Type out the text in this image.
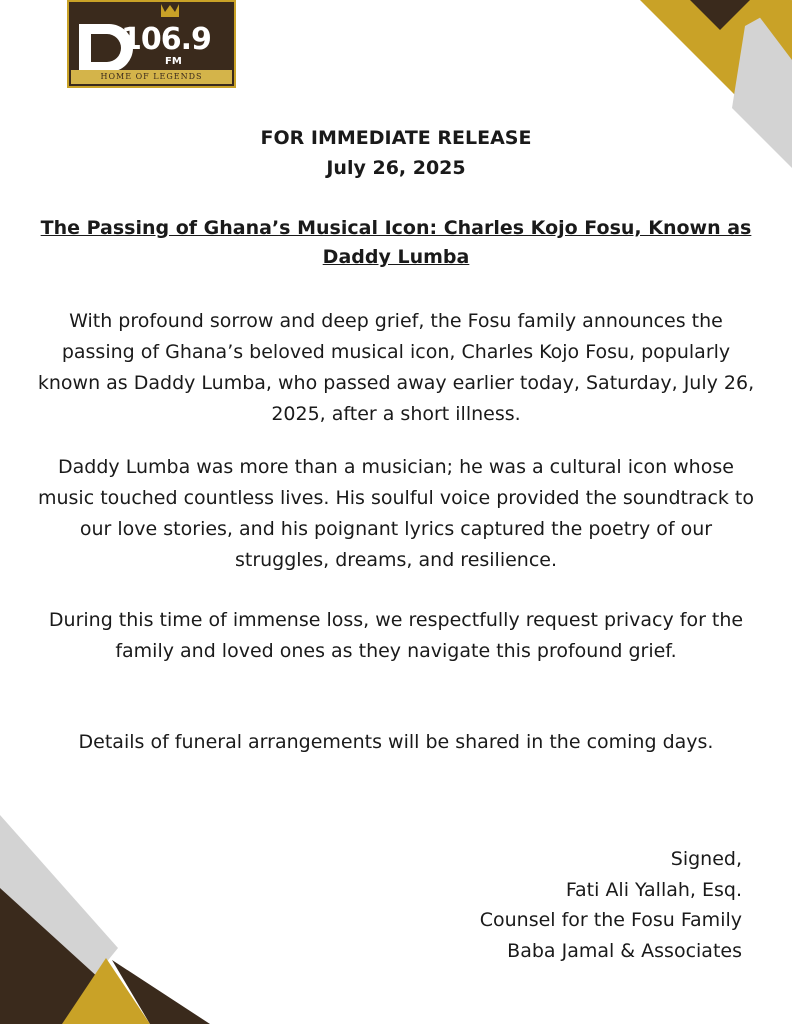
106.9
FM
HOME OF LEGENDS
FOR IMMEDIATE RELEASE
July 26, 2025
The Passing of Ghana’s Musical Icon: Charles Kojo Fosu, Known as Daddy Lumba

With profound sorrow and deep grief, the Fosu family announces the passing of Ghana’s beloved musical icon, Charles Kojo Fosu, popularly known as Daddy Lumba, who passed away earlier today, Saturday, July 26, 2025, after a short illness.

Daddy Lumba was more than a musician; he was a cultural icon whose music touched countless lives. His soulful voice provided the soundtrack to our love stories, and his poignant lyrics captured the poetry of our struggles, dreams, and resilience.

During this time of immense loss, we respectfully request privacy for the family and loved ones as they navigate this profound grief.

Details of funeral arrangements will be shared in the coming days.

Signed,
Fati Ali Yallah, Esq.
Counsel for the Fosu Family
Baba Jamal & Associates
